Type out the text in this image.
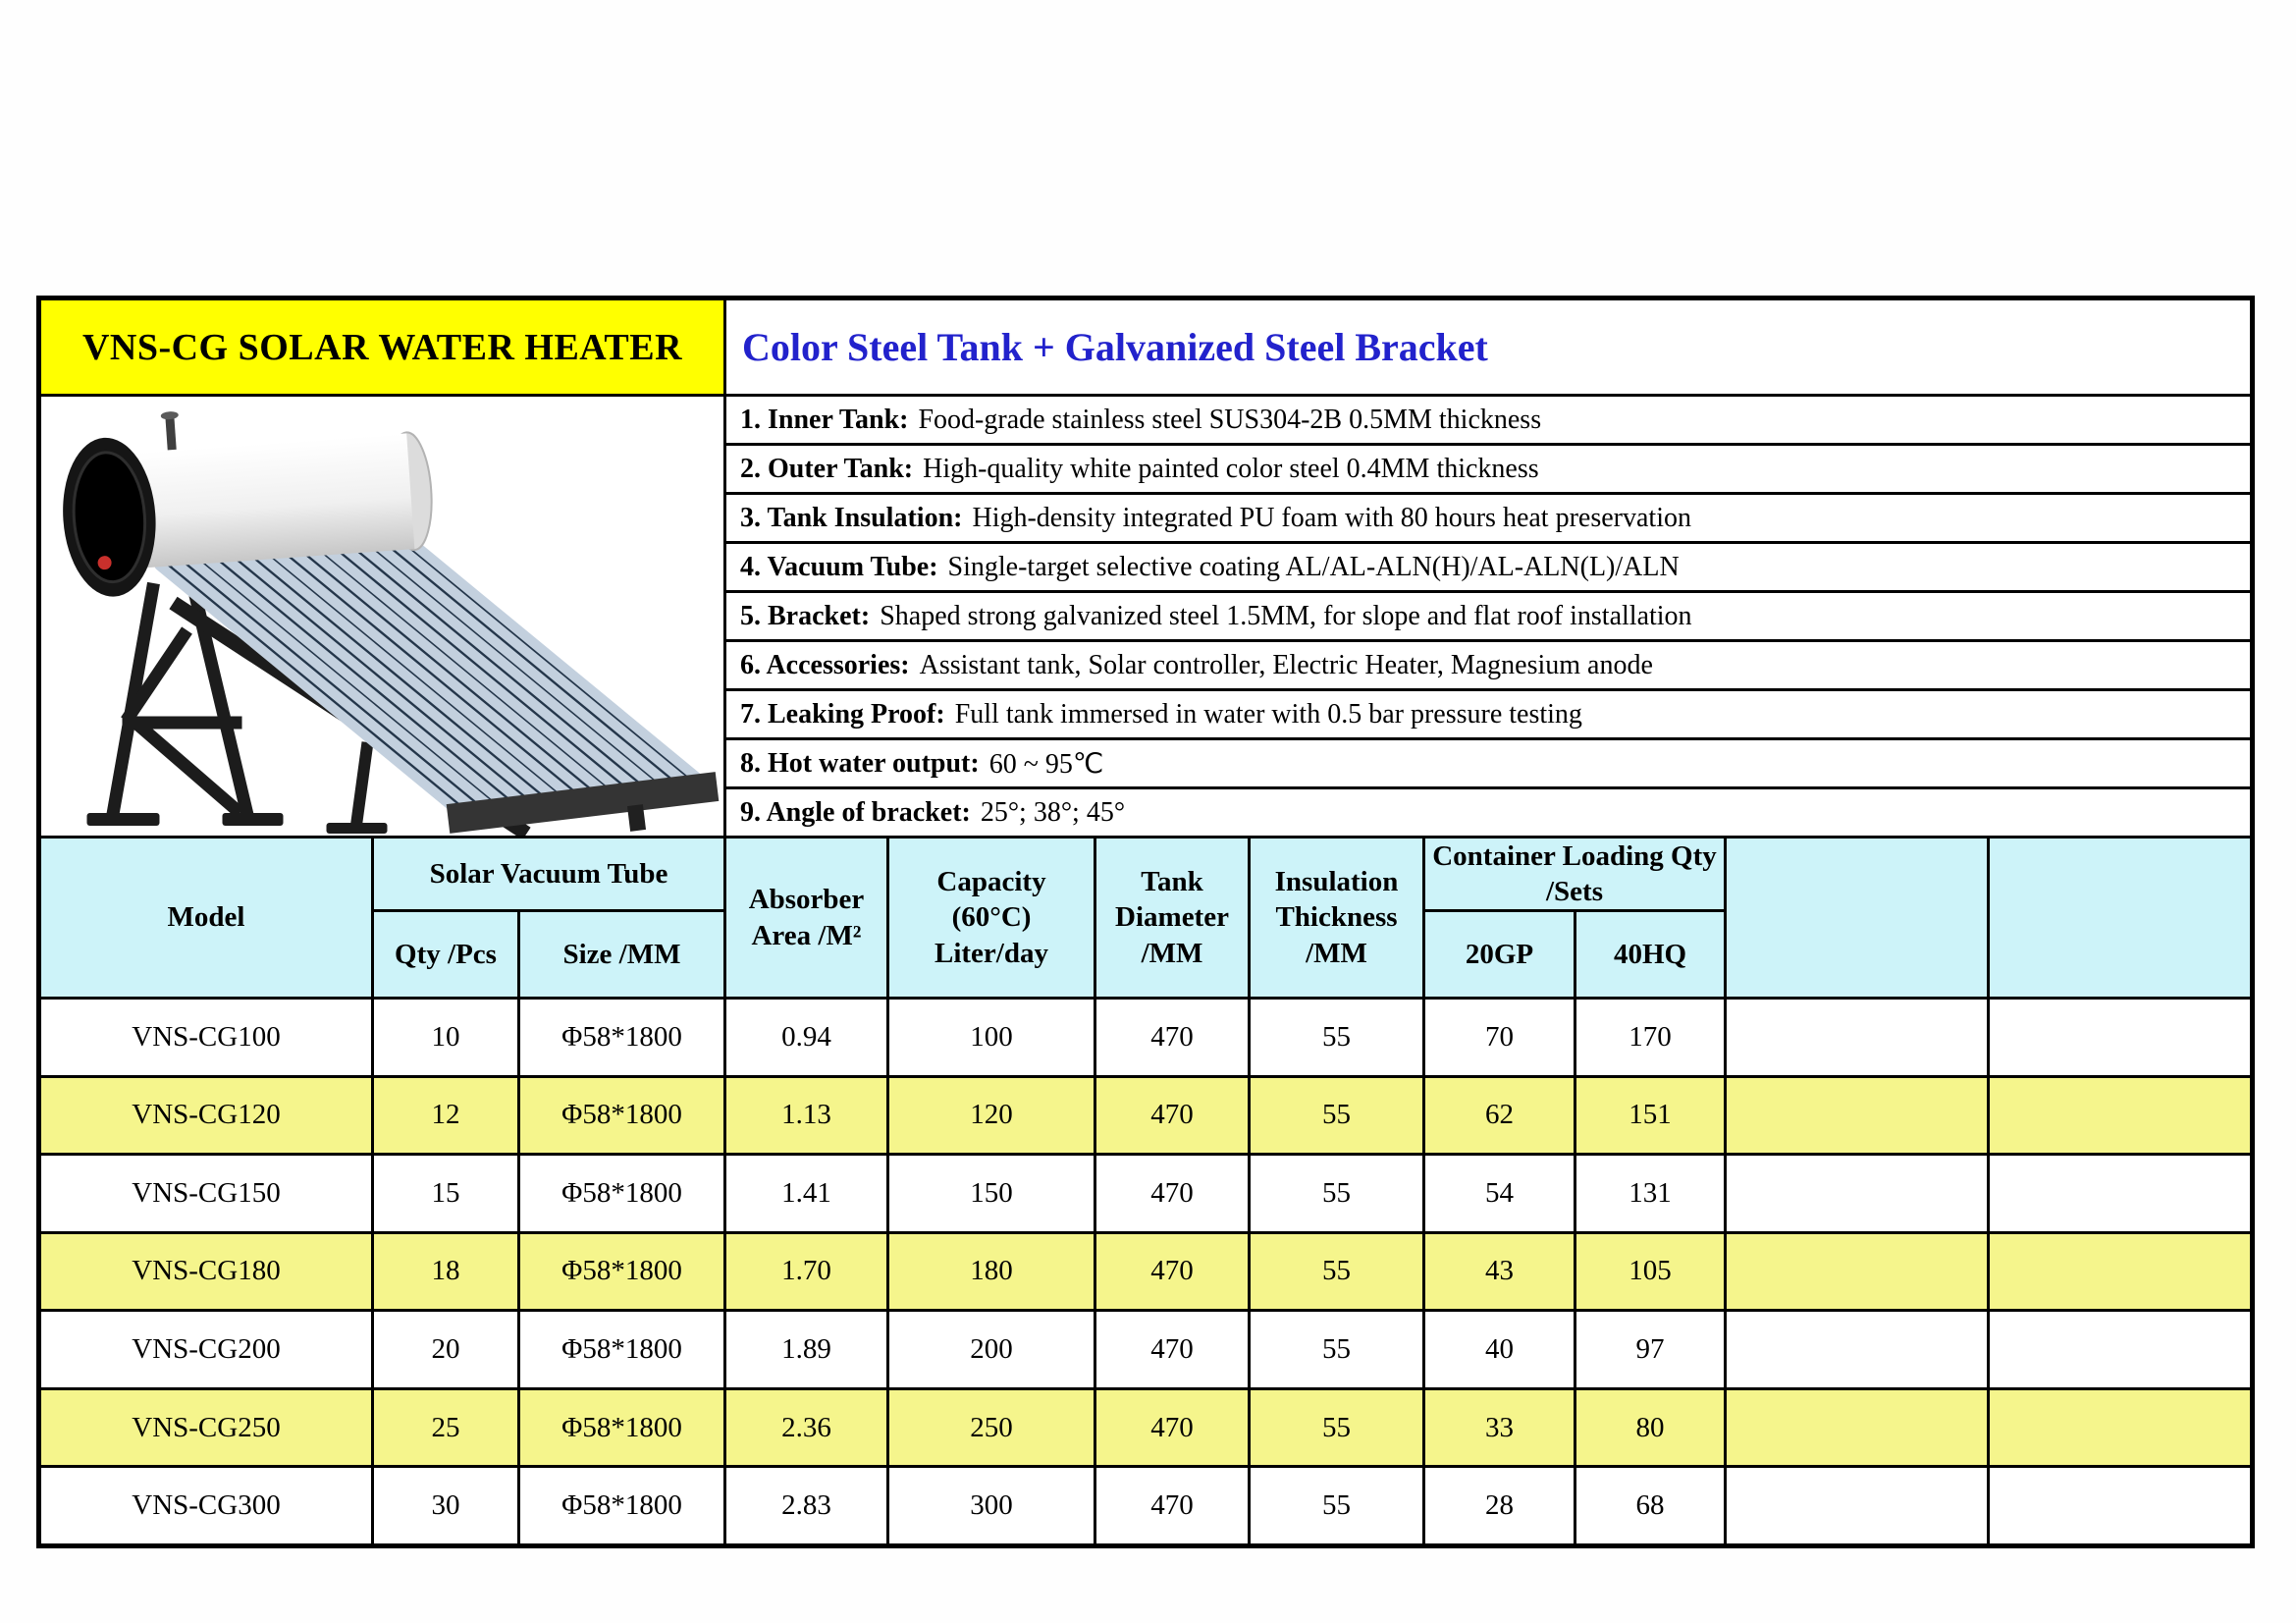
VNS-CG SOLAR WATER HEATER Color Steel Tank + Galvanized Steel Bracket
1. Inner Tank: Food-grade stainless steel SUS304-2B 0.5MM thickness
2. Outer Tank: High-quality white painted color steel 0.4MM thickness
3. Tank Insulation: High-density integrated PU foam with 80 hours heat preservation
4. Vacuum Tube: Single-target selective coating AL/AL-ALN(H)/AL-ALN(L)/ALN
5. Bracket: Shaped strong galvanized steel 1.5MM, for slope and flat roof installation
6. Accessories: Assistant tank, Solar controller, Electric Heater, Magnesium anode
7. Leaking Proof: Full tank immersed in water with 0.5 bar pressure testing
8. Hot water output: 60 ~ 95℃
9. Angle of bracket: 25°; 38°; 45°
Model
Solar Vacuum Tube
Qty /Pcs	Size /MM
Absorber Area /M²
Capacity (60°C) Liter/day
Tank Diameter /MM
Insulation Thickness /MM
Container Loading Qty /Sets
20GP	40HQ
VNS-CG100	10	Φ58*1800	0.94	100	470	55	70	170
VNS-CG120	12	Φ58*1800	1.13	120	470	55	62	151
VNS-CG150	15	Φ58*1800	1.41	150	470	55	54	131
VNS-CG180	18	Φ58*1800	1.70	180	470	55	43	105
VNS-CG200	20	Φ58*1800	1.89	200	470	55	40	97
VNS-CG250	25	Φ58*1800	2.36	250	470	55	33	80
VNS-CG300	30	Φ58*1800	2.83	300	470	55	28	68
